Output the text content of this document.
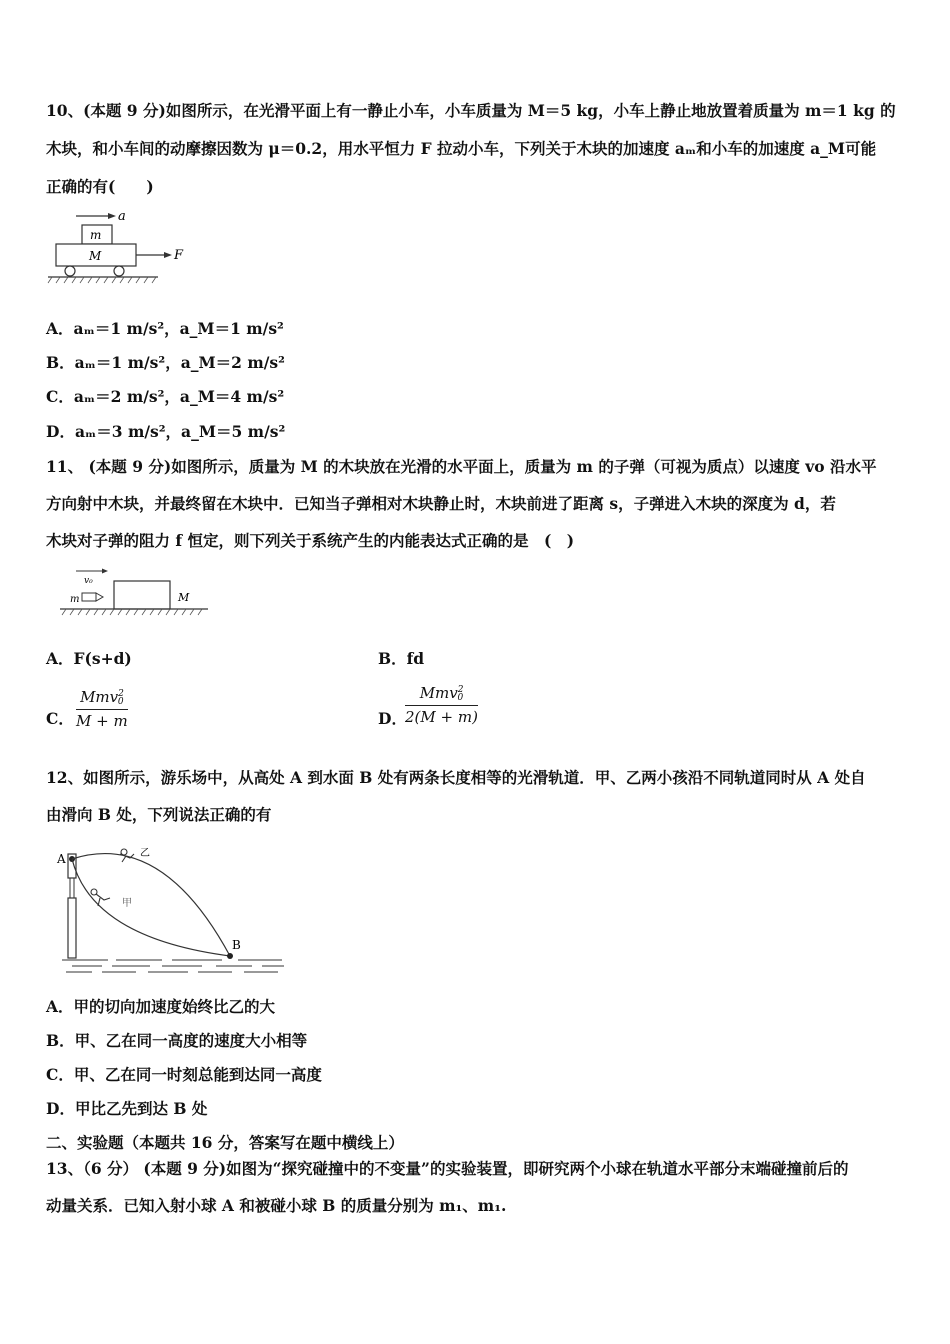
10、(本题 9 分)如图所示，在光滑平面上有一静止小车，小车质量为 M＝5 kg，小车上静止地放置着质量为 m＝1 kg 的
木块，和小车间的动摩擦因数为 μ＝0.2，用水平恒力 F 拉动小车，下列关于木块的加速度 aₘ和小车的加速度 a_M可能
正确的有(　　)
a
m
M	F
A．aₘ＝1 m/s²，a_M＝1 m/s²
B．aₘ＝1 m/s²，a_M＝2 m/s²
C．aₘ＝2 m/s²，a_M＝4 m/s²
D．aₘ＝3 m/s²，a_M＝5 m/s²
11、 (本题 9 分)如图所示，质量为 M 的木块放在光滑的水平面上，质量为 m 的子弹（可视为质点）以速度 vo 沿水平
方向射中木块，并最终留在木块中．已知当子弹相对木块静止时，木块前进了距离 s，子弹进入木块的深度为 d，若
木块对子弹的阻力 f 恒定，则下列关于系统产生的内能表达式正确的是　(　)
v₀
m	M
A．F(s+d)	B．fd
C．
Mmv$^2_0$
M + m	D．
Mmv$^2_0$
2(M + m)
12、如图所示，游乐场中，从高处 A 到水面 B 处有两条长度相等的光滑轨道．甲、乙两小孩沿不同轨道同时从 A 处自
由滑向 B 处，下列说法正确的有
A
B
乙
甲
A．甲的切向加速度始终比乙的大
B．甲、乙在同一高度的速度大小相等
C．甲、乙在同一时刻总能到达同一高度
D．甲比乙先到达 B 处
二、实验题（本题共 16 分，答案写在题中横线上）
13、（6 分） (本题 9 分)如图为“探究碰撞中的不变量”的实验装置，即研究两个小球在轨道水平部分末端碰撞前后的
动量关系．已知入射小球 A 和被碰小球 B 的质量分别为 m₁、m₁.
